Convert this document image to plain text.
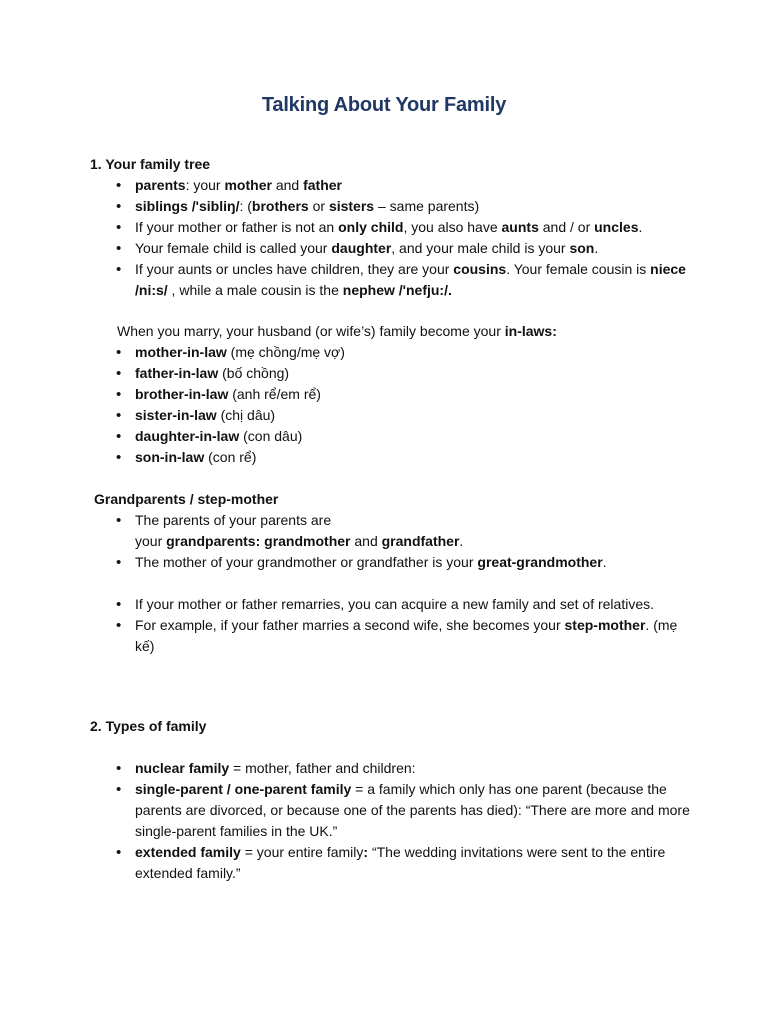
Talking About Your Family
1. Your family tree
• parents: your mother and father
• siblings /'sibliŋ/: (brothers or sisters – same parents)
• If your mother or father is not an only child, you also have aunts and / or uncles.
• Your female child is called your daughter, and your male child is your son.
• If your aunts or uncles have children, they are your cousins. Your female cousin is niece /ni:s/ , while a male cousin is the nephew /'nefju:/.
When you marry, your husband (or wife’s) family become your in-laws:
• mother-in-law (mẹ chồng/mẹ vợ)
• father-in-law (bố chồng)
• brother-in-law (anh rể/em rể)
• sister-in-law (chị dâu)
• daughter-in-law (con dâu)
• son-in-law (con rể)
Grandparents / step-mother
• The parents of your parents are
your grandparents: grandmother and grandfather.
• The mother of your grandmother or grandfather is your great-grandmother.
• If your mother or father remarries, you can acquire a new family and set of relatives.
• For example, if your father marries a second wife, she becomes your step-mother. (mẹ kế)
2. Types of family
• nuclear family = mother, father and children:
• single-parent / one-parent family = a family which only has one parent (because the parents are divorced, or because one of the parents has died): “There are more and more single-parent families in the UK.”
• extended family = your entire family: “The wedding invitations were sent to the entire extended family.”
